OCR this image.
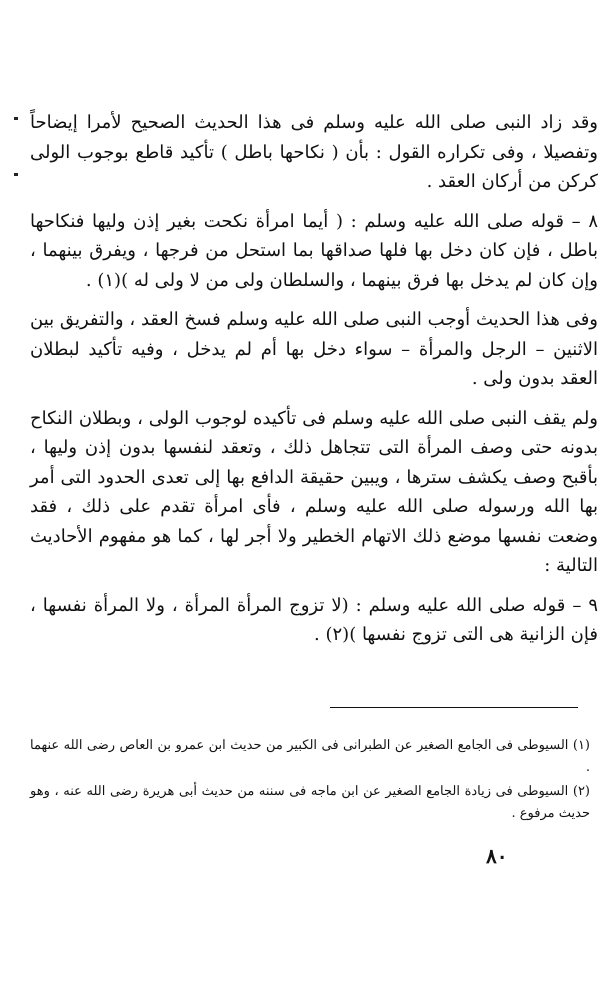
وقد زاد النبى صلى الله عليه وسلم فى هذا الحديث الصحيح لأمرا إيضاحاً وتفصيلا ، وفى تكراره القول : بأن ( نكاحها باطل ) تأكيد قاطع بوجوب الولى كركن من أركان العقد .

٨ – قوله صلى الله عليه وسلم : ( أيما امرأة نكحت بغير إذن وليها فنكاحها باطل ، فإن كان دخل بها فلها صداقها بما استحل من فرجها ، ويفرق بينهما ، وإن كان لم يدخل بها فرق بينهما ، والسلطان ولى من لا ولى له )(١) .

وفى هذا الحديث أوجب النبى صلى الله عليه وسلم فسخ العقد ، والتفريق بين الاثنين – الرجل والمرأة – سواء دخل بها أم لم يدخل ، وفيه تأكيد لبطلان العقد بدون ولى .

ولم يقف النبى صلى الله عليه وسلم فى تأكيده لوجوب الولى ، وبطلان النكاح بدونه حتى وصف المرأة التى تتجاهل ذلك ، وتعقد لنفسها بدون إذن وليها ، بأقبح وصف يكشف سترها ، ويبين حقيقة الدافع بها إلى تعدى الحدود التى أمر بها الله ورسوله صلى الله عليه وسلم ، فأى امرأة تقدم على ذلك ، فقد وضعت نفسها موضع ذلك الاتهام الخطير ولا أجر لها ، كما هو مفهوم الأحاديث التالية :

٩ – قوله صلى الله عليه وسلم : (لا تزوج المرأة المرأة ، ولا المرأة نفسها ، فإن الزانية هى التى تزوج نفسها )(٢) .

(١) السيوطى فى الجامع الصغير عن الطبرانى فى الكبير من حديث ابن عمرو بن العاص رضى الله عنهما .

(٢) السيوطى فى زيادة الجامع الصغير عن ابن ماجه فى سننه من حديث أبى هريرة رضى الله عنه ، وهو حديث مرفوع .

٨٠
